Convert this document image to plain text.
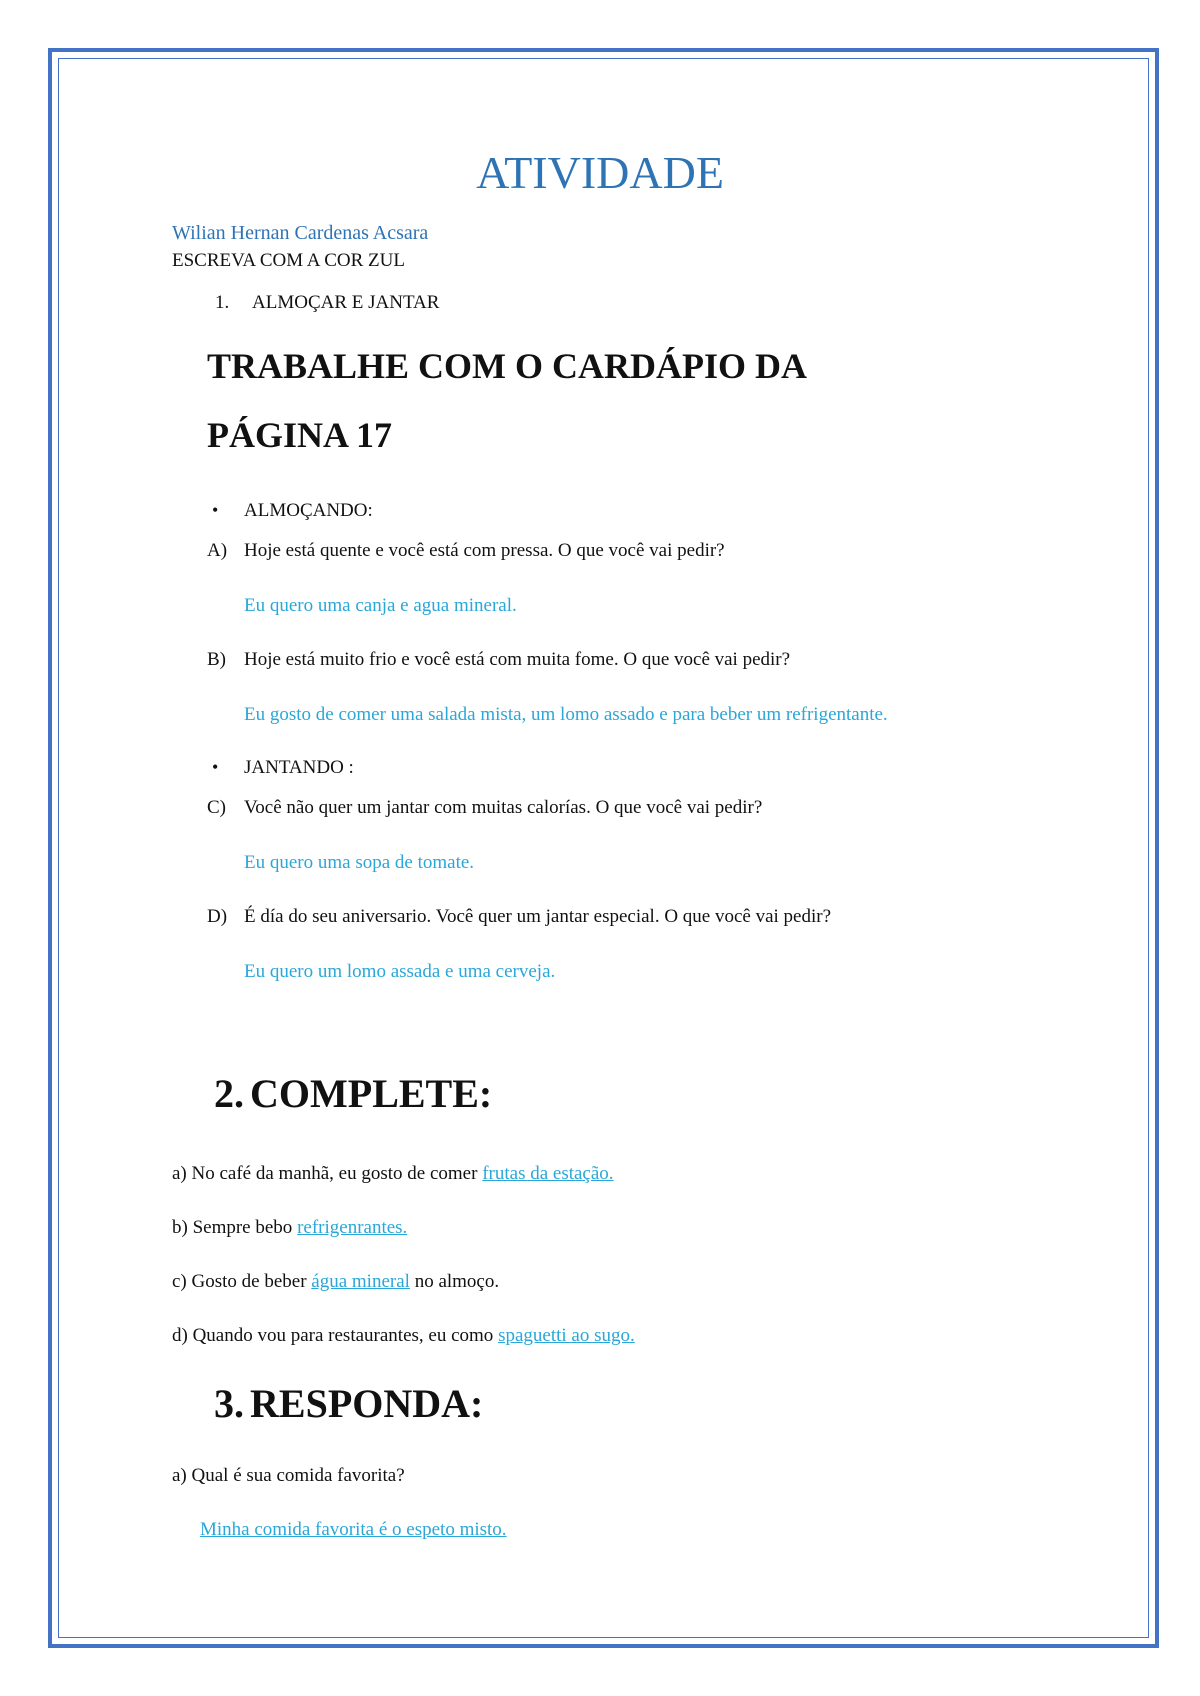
ATIVIDADE
Wilian Hernan Cardenas Acsara
ESCREVA COM A COR ZUL
1. ALMOÇAR E JANTAR
TRABALHE COM O CARDÁPIO DA
PÁGINA 17
• ALMOÇANDO:
A) Hoje está quente e você está com pressa. O que você vai pedir?
Eu quero uma canja e agua mineral.
B) Hoje está muito frio e você está com muita fome. O que você vai pedir?
Eu gosto de comer uma salada mista, um lomo assado e para beber um refrigentante.
• JANTANDO :
C) Você não quer um jantar com muitas calorías. O que você vai pedir?
Eu quero uma sopa de tomate.
D) É día do seu aniversario. Você quer um jantar especial. O que você vai pedir?
Eu quero um lomo assada e uma cerveja.
2. COMPLETE:
a) No café da manhã, eu gosto de comer frutas da estação.
b) Sempre bebo refrigenrantes.
c) Gosto de beber água mineral no almoço.
d) Quando vou para restaurantes, eu como spaguetti ao sugo.
3. RESPONDA:
a) Qual é sua comida favorita?
Minha comida favorita é o espeto misto.
